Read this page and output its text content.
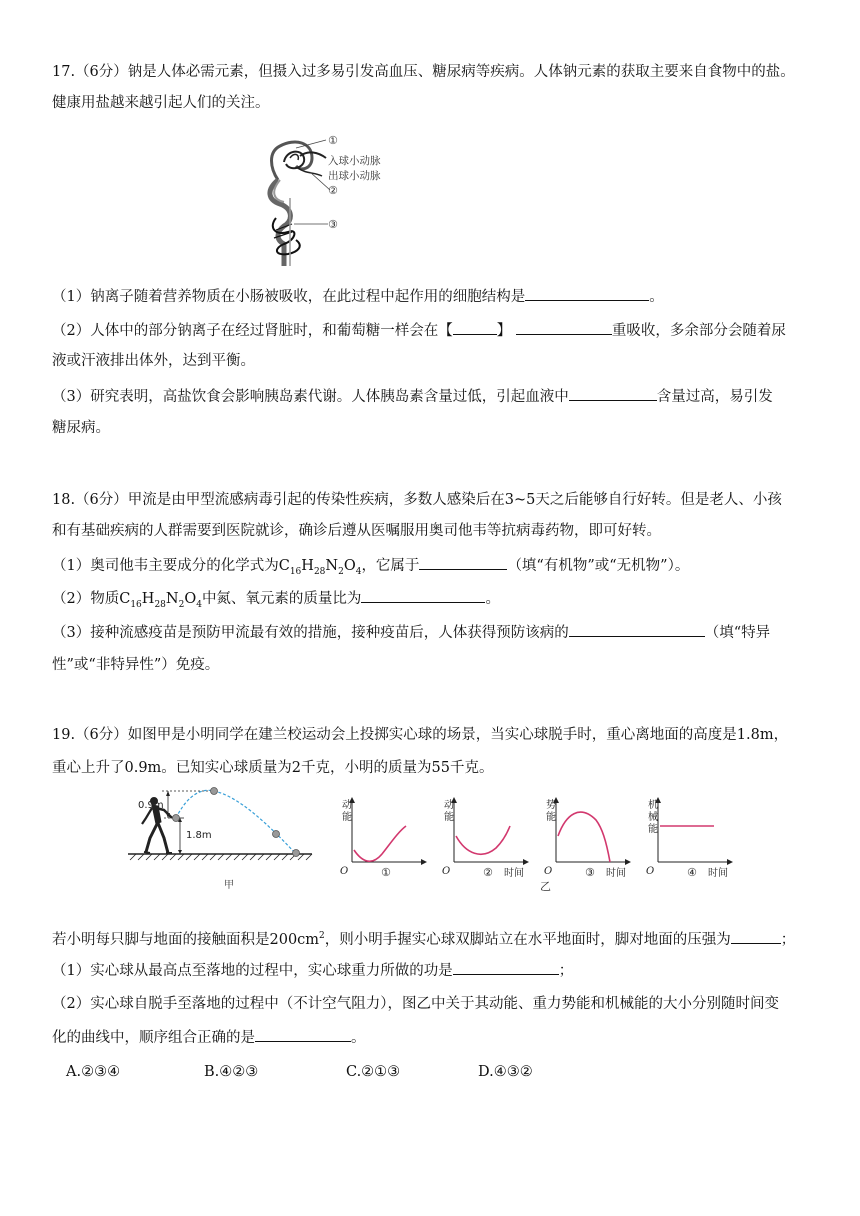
17.（6分）钠是人体必需元素，但摄入过多易引发高血压、糖尿病等疾病。人体钠元素的获取主要来自食物中的盐。
健康用盐越来越引起人们的关注。
①
入球小动脉
出球小动脉
②
③
（1）钠离子随着营养物质在小肠被吸收，在此过程中起作用的细胞结构是	。
（2）人体中的部分钠离子在经过肾脏时，和葡萄糖一样会在【	】	重吸收，多余部分会随着尿
液或汗液排出体外，达到平衡。
（3）研究表明，高盐饮食会影响胰岛素代谢。人体胰岛素含量过低，引起血液中	含量过高，易引发
糖尿病。
18.（6分）甲流是由甲型流感病毒引起的传染性疾病，多数人感染后在3~5天之后能够自行好转。但是老人、小孩
和有基础疾病的人群需要到医院就诊，确诊后遵从医嘱服用奥司他韦等抗病毒药物，即可好转。
（1）奥司他韦主要成分的化学式为$C_{16}H_{28}N_2O_4$，它属于	（填“有机物”或“无机物”）。
（2）物质$C_{16}H_{28}N_2O_4$中氮、氧元素的质量比为	。
（3）接种流感疫苗是预防甲流最有效的措施，接种疫苗后，人体获得预防该病的	（填“特异
性”或“非特异性”）免疫。
19.（6分）如图甲是小明同学在建兰校运动会上投掷实心球的场景，当实心球脱手时，重心离地面的高度是1.8m，
重心上升了0.9m。已知实心球质量为2千克，小明的质量为55千克。
0.9m
1.8m
甲
动
能
O	①
动
能
O	时间
②
势
能
O	时间
③
机
械
能
O	时间
④
乙
若小明每只脚与地面的接触面积是$200cm^2$，则小明手握实心球双脚站立在水平地面时，脚对地面的压强为	；
（1）实心球从最高点至落地的过程中，实心球重力所做的功是	；
（2）实心球自脱手至落地的过程中（不计空气阻力），图乙中关于其动能、重力势能和机械能的大小分别随时间变
化的曲线中，顺序组合正确的是	。
A.②③④	B.④②③	C.②①③	D.④③②
